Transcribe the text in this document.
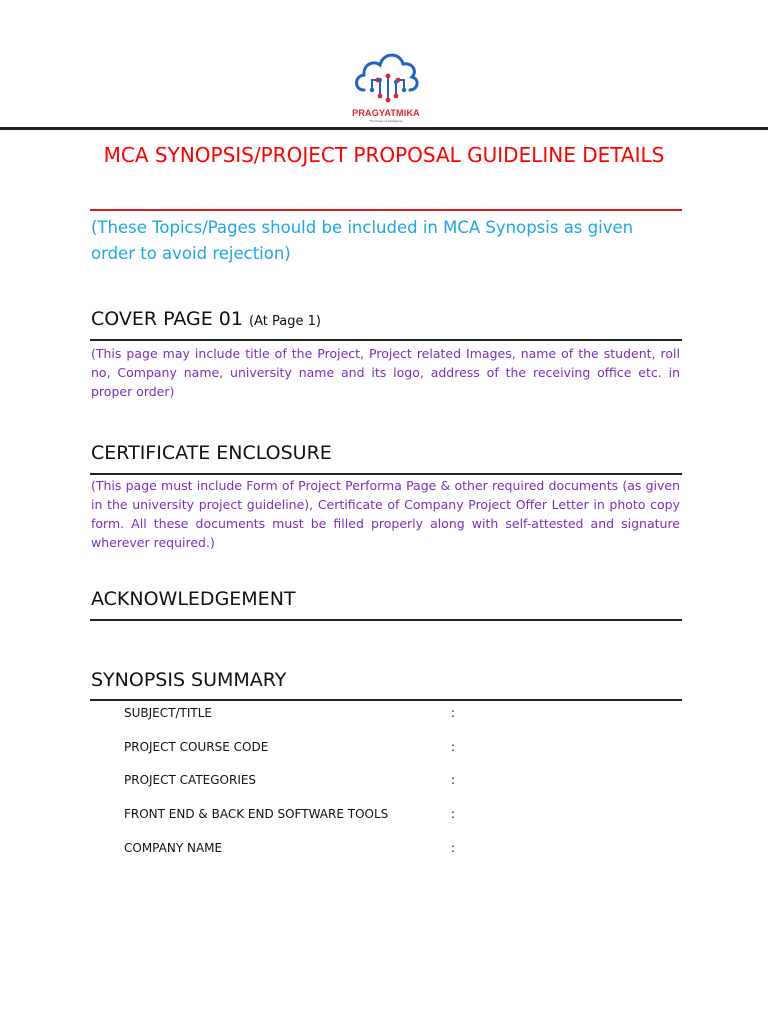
PRAGYATMIKA
The Power of Intelligence
MCA SYNOPSIS/PROJECT PROPOSAL GUIDELINE DETAILS
(These Topics/Pages should be included in MCA Synopsis as given order to avoid rejection)
COVER PAGE 01 (At Page 1)
(This page may include title of the Project, Project related Images, name of the student, roll no, Company name, university name and its logo, address of the receiving office etc. in proper order)
CERTIFICATE ENCLOSURE
(This page must include Form of Project Performa Page & other required documents (as given in the university project guideline), Certificate of Company Project Offer Letter in photo copy form. All these documents must be filled properly along with self-attested and signature wherever required.)
ACKNOWLEDGEMENT
SYNOPSIS SUMMARY
SUBJECT/TITLE	:
PROJECT COURSE CODE	:
PROJECT CATEGORIES	:
FRONT END & BACK END SOFTWARE TOOLS	:
COMPANY NAME	:
